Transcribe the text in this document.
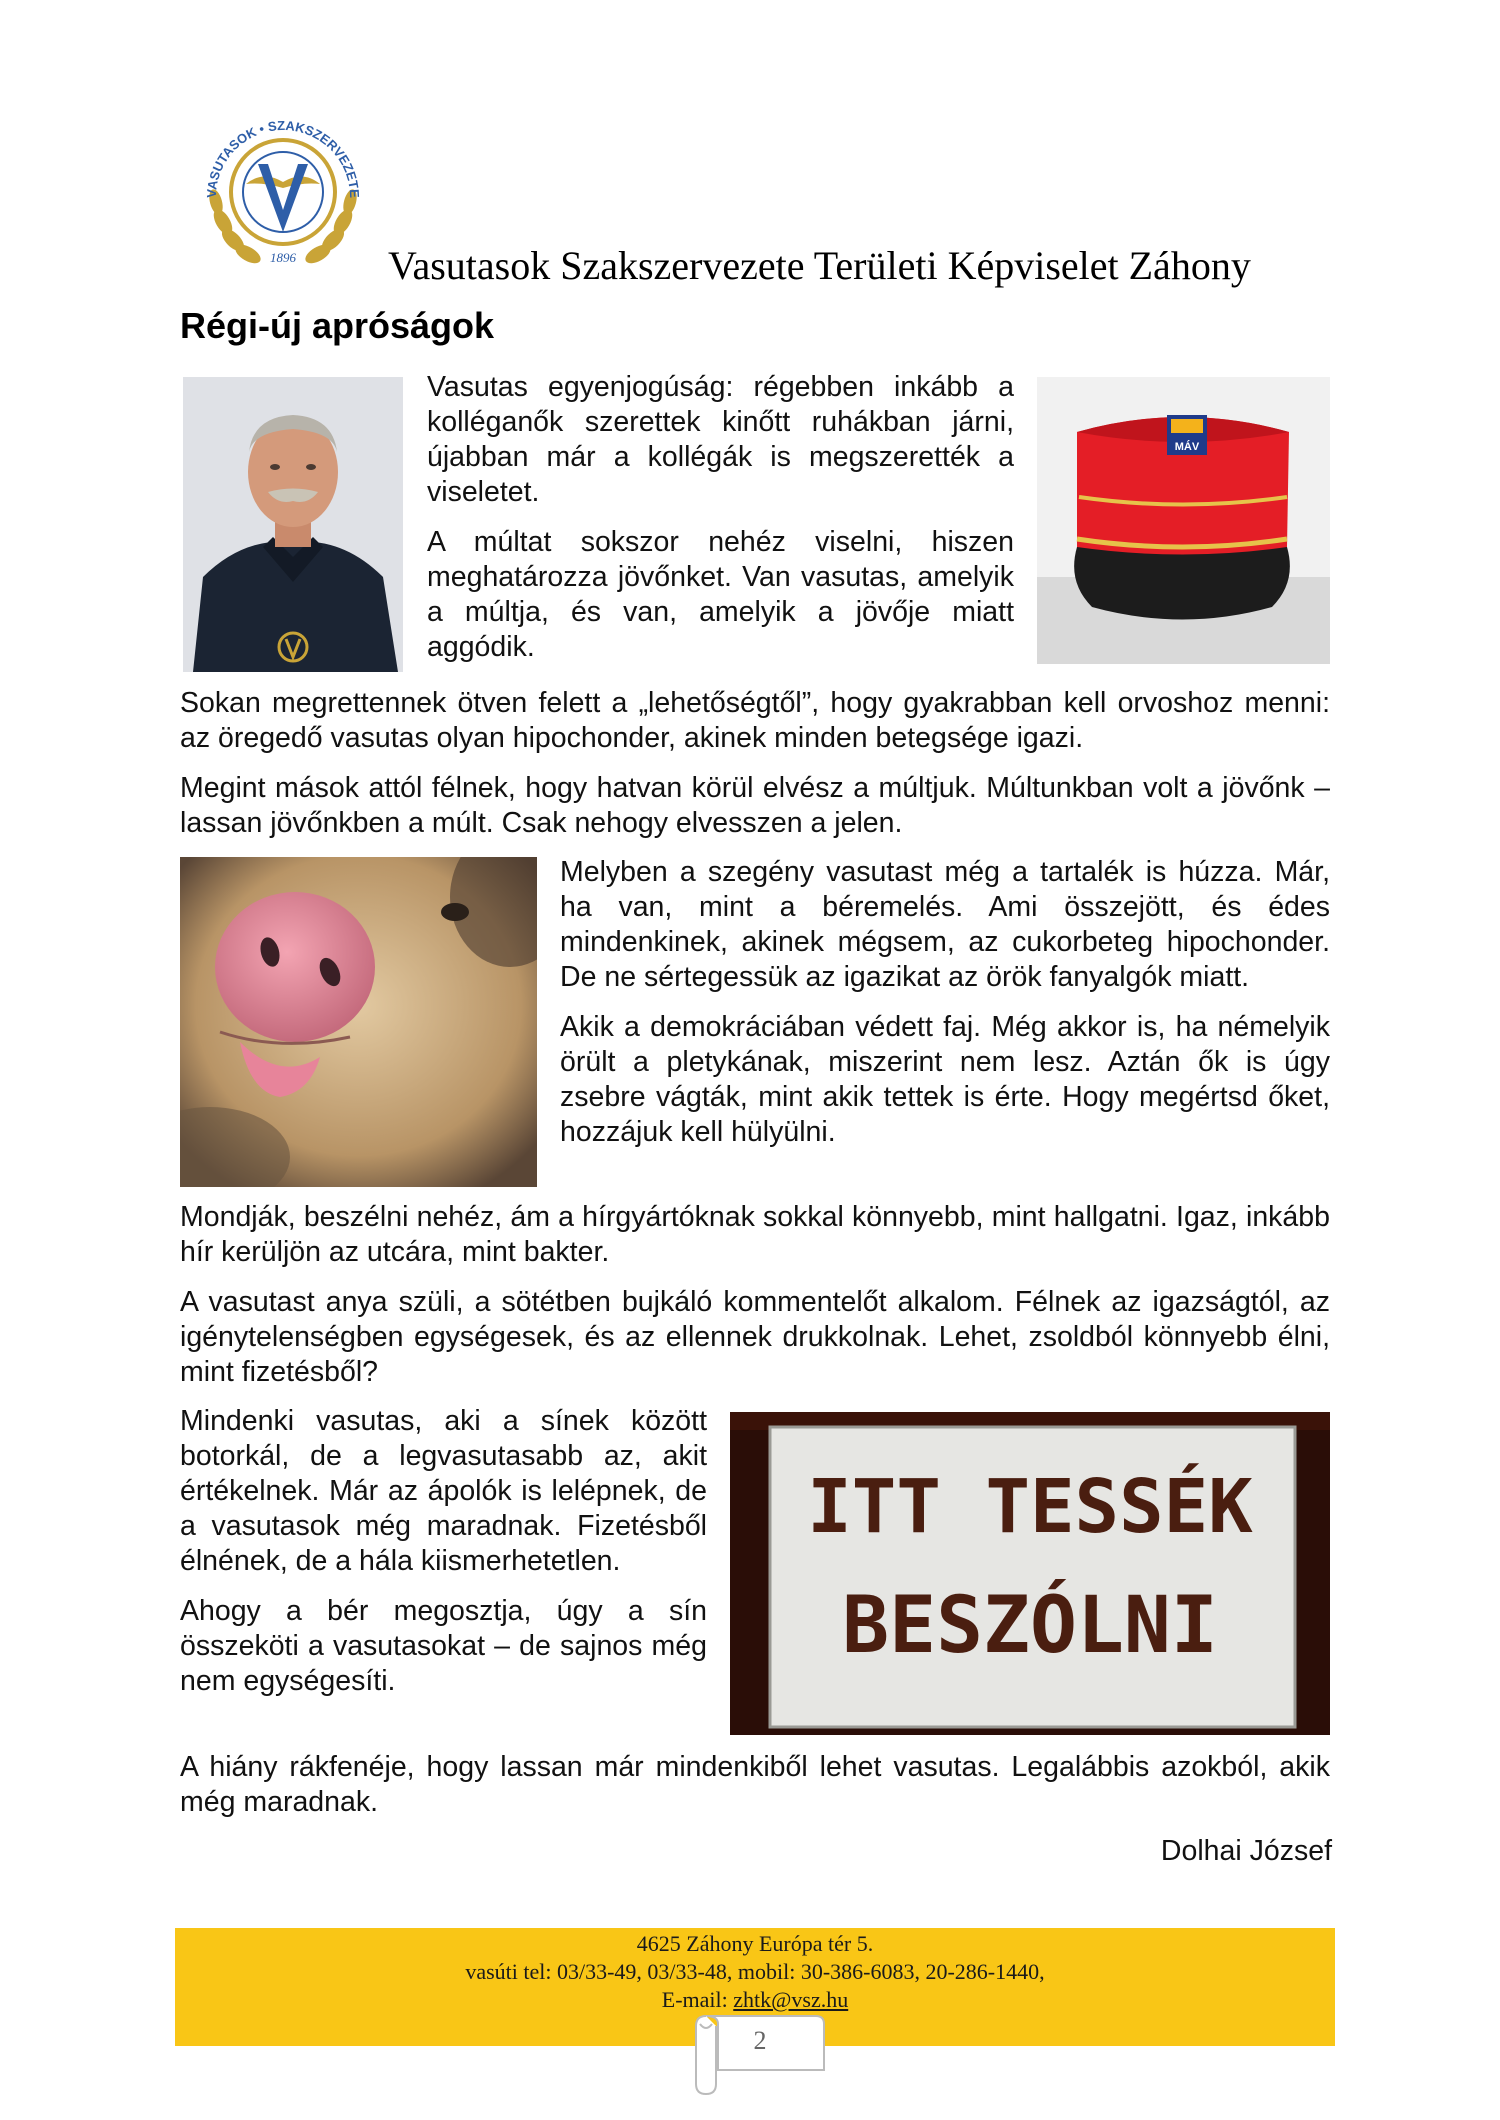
VASUTASOK • SZAKSZERVEZETE
1896 Vasutasok Szakszervezete Területi Képviselet Záhony
Régi-új apróságok

Vasutas egyenjogúság: régebben inkább a kolléganők szerettek kinőtt ruhákban járni, újabban már a kollégák is megszerették a viseletet.

A múltat sokszor nehéz viselni, hiszen meghatározza jövőnket. Van vasutas, amelyik a múltja, és van, amelyik a jövője miatt aggódik.

MÁV

Sokan megrettennek ötven felett a „lehetőségtől”, hogy gyakrabban kell orvoshoz menni: az öregedő vasutas olyan hipochonder, akinek minden betegsége igazi.

Megint mások attól félnek, hogy hatvan körül elvész a múltjuk. Múltunkban volt a jövőnk – lassan jövőnkben a múlt. Csak nehogy elvesszen a jelen.

Melyben a szegény vasutast még a tartalék is húzza. Már, ha van, mint a béremelés. Ami összejött, és édes mindenkinek, akinek mégsem, az cukorbeteg hipochonder. De ne sértegessük az igazikat az örök fanyalgók miatt.

Akik a demokráciában védett faj. Még akkor is, ha némelyik örült a pletykának, miszerint nem lesz. Aztán ők is úgy zsebre vágták, mint akik tettek is érte. Hogy megértsd őket, hozzájuk kell hülyülni.

Mondják, beszélni nehéz, ám a hírgyártóknak sokkal könnyebb, mint hallgatni. Igaz, inkább hír kerüljön az utcára, mint bakter.

A vasutast anya szüli, a sötétben bujkáló kommentelőt alkalom. Félnek az igazságtól, az igénytelenségben egységesek, és az ellennek drukkolnak. Lehet, zsoldból könnyebb élni, mint fizetésből?

Mindenki vasutas, aki a sínek között botorkál, de a legvasutasabb az, akit értékelnek. Már az ápolók is lelépnek, de a vasutasok még maradnak. Fizetésből élnének, de a hála kiismerhetetlen.

Ahogy a bér megosztja, úgy a sín összeköti a vasutasokat – de sajnos még nem egységesíti.

ITT TESSÉK
BESZÓLNI

A hiány rákfenéje, hogy lassan már mindenkiből lehet vasutas. Legalábbis azokból, akik még maradnak.

Dolhai József
4625 Záhony Európa tér 5.
vasúti tel: 03/33-49, 03/33-48, mobil: 30-386-6083, 20-286-1440,
E-mail: zhtk@vsz.hu
2
